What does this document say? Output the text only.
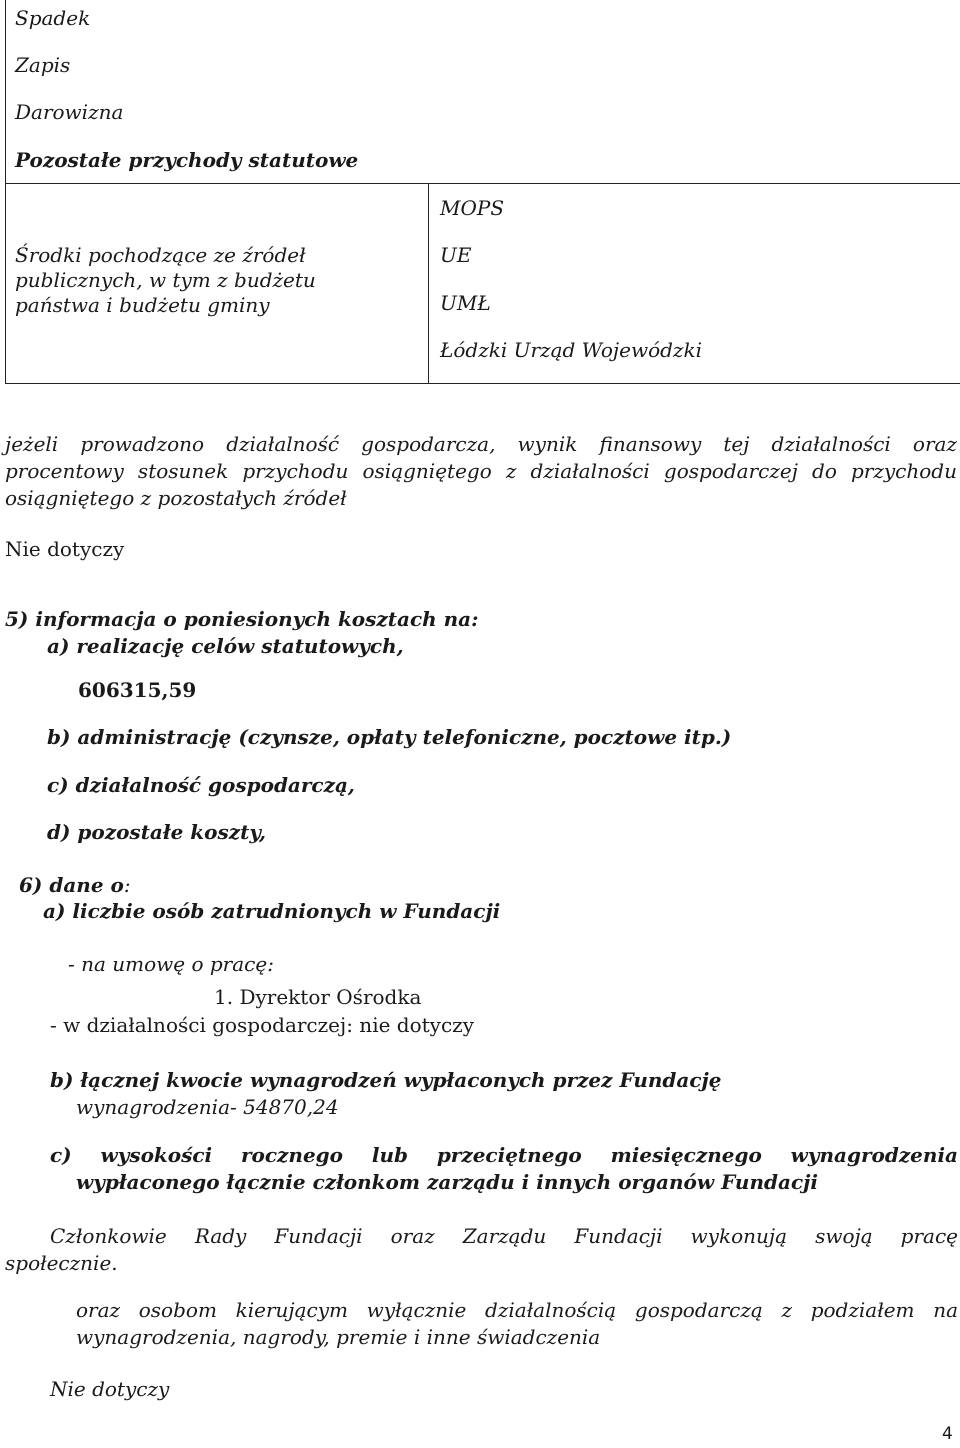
Spadek
Zapis
Darowizna
Pozostałe przychody statutowe
Środki pochodzące ze źródeł
publicznych, w tym z budżetu
państwa i budżetu gminy
MOPS
UE
UMŁ
Łódzki Urząd Wojewódzki
jeżeli prowadzono działalność gospodarcza, wynik finansowy tej działalności oraz
procentowy stosunek przychodu osiągniętego z działalności gospodarczej do przychodu
osiągniętego z pozostałych źródeł
Nie dotyczy
5) informacja o poniesionych kosztach na:
a) realizację celów statutowych,
606315,59
b) administrację (czynsze, opłaty telefoniczne, pocztowe itp.)
c) działalność gospodarczą,
d) pozostałe koszty,
6) dane o:
a) liczbie osób zatrudnionych w Fundacji
- na umowę o pracę:
1. Dyrektor Ośrodka
- w działalności gospodarczej: nie dotyczy
b) łącznej kwocie wynagrodzeń wypłaconych przez Fundację
wynagrodzenia- 54870,24
c) wysokości rocznego lub przeciętnego miesięcznego wynagrodzenia
wypłaconego łącznie członkom zarządu i innych organów Fundacji
Członkowie Rady Fundacji oraz Zarządu Fundacji wykonują swoją pracę
społecznie.
oraz osobom kierującym wyłącznie działalnością gospodarczą z podziałem na
wynagrodzenia, nagrody, premie i inne świadczenia
Nie dotyczy
4
